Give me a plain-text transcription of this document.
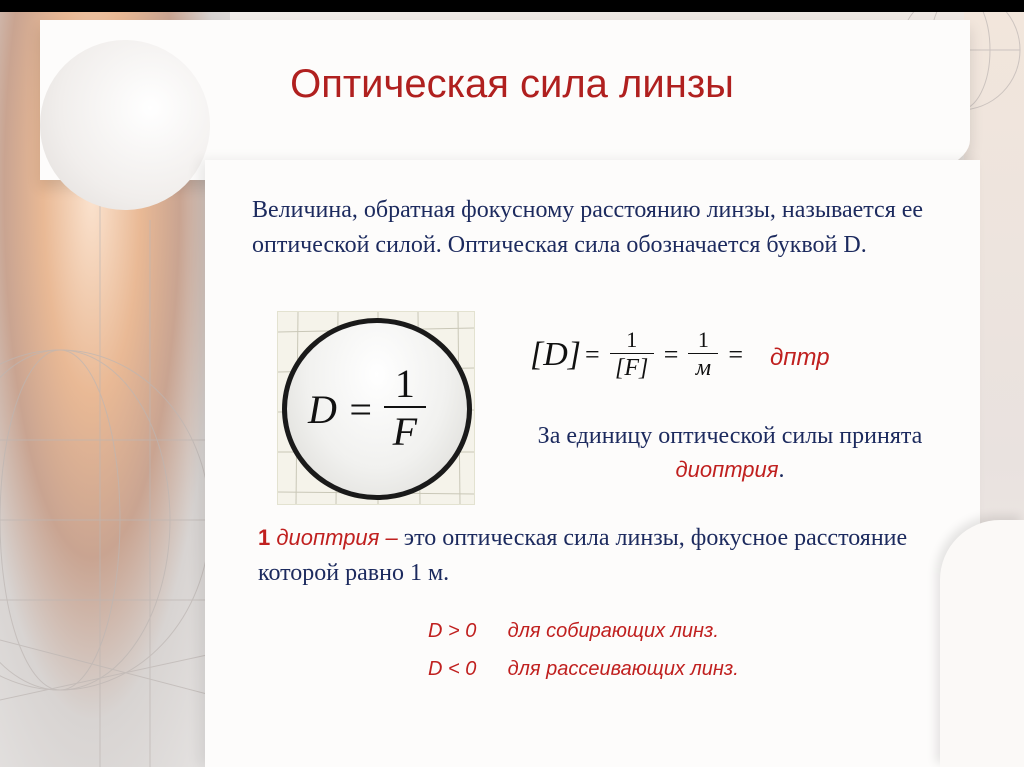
Оптическая сила линзы

Величина, обратная фокусному расстоянию линзы, называется ее оптической силой. Оптическая сила обозначается буквой D.

$D = \frac{1}{F}$
[D] = 1
[F] = 1
м = дптр

За единицу оптической силы принята
диоптрия.

1 диоптрия – это оптическая сила линзы, фокусное расстояние которой равно 1 м.

D > 0 для собирающих линз.
D < 0 для рассеивающих линз.
